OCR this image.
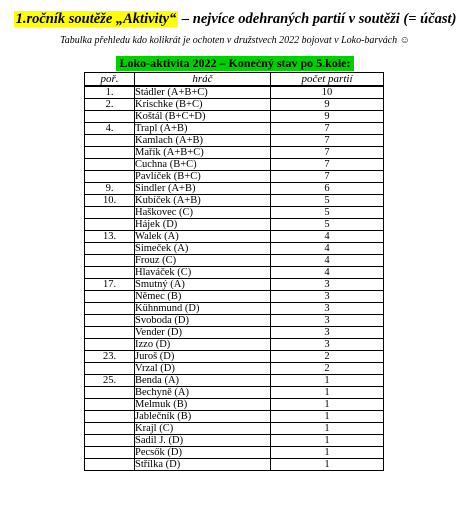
1.ročník soutěže „Aktivity“ – nejvíce odehraných partií v soutěži (= účast)
Tabulka přehledu kdo kolikrát je ochoten v družstvech 2022 bojovat v Loko-barvách ☺
Loko-aktivita 2022 – Konečný stav po 5.kole:
poř.	hráč	počet partií
1.	Stádler (A+B+C)	10
2.	Krischke (B+C)	9
	Koštál (B+C+D)	9
4.	Trapl (A+B)	7
	Kamlach (A+B)	7
	Mařík (A+B+C)	7
	Cuchna (B+C)	7
	Pavlíček (B+C)	7
9.	Sindler (A+B)	6
10.	Kubíček (A+B)	5
	Haškovec (C)	5
	Hájek (D)	5
13.	Walek (A)	4
	Simeček (A)	4
	Frouz (C)	4
	Hlaváček (C)	4
17.	Smutný (A)	3
	Němec (B)	3
	Kühnmund (D)	3
	Svoboda (D)	3
	Vender (D)	3
	Izzo (D)	3
23.	Juroš (D)	2
	Vrzal (D)	2
25.	Benda (A)	1
	Bechyně (A)	1
	Melmuk (B)	1
	Jablečník (B)	1
	Krajl (C)	1
	Sadil J. (D)	1
	Pecsők (D)	1
	Střílka (D)	1
